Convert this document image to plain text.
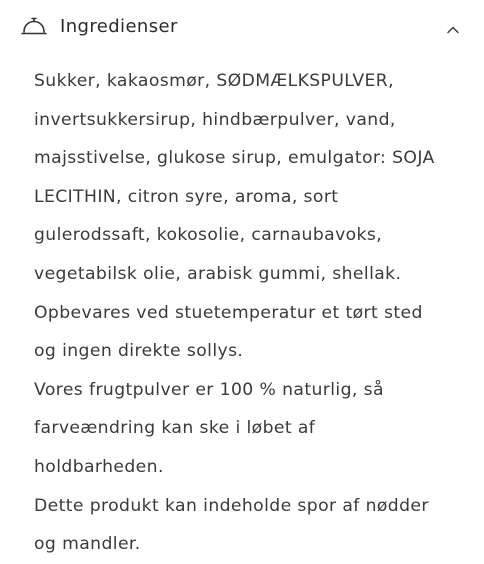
Ingredienser
Sukker, kakaosmør, SØDMÆLKSPULVER,
invertsukkersirup, hindbærpulver, vand,
majsstivelse, glukose sirup, emulgator: SOJA
LECITHIN, citron syre, aroma, sort
gulerodssaft, kokosolie, carnaubavoks,
vegetabilsk olie, arabisk gummi, shellak.
Opbevares ved stuetemperatur et tørt sted
og ingen direkte sollys.
Vores frugtpulver er 100 % naturlig, så
farveændring kan ske i løbet af
holdbarheden.
Dette produkt kan indeholde spor af nødder
og mandler.
